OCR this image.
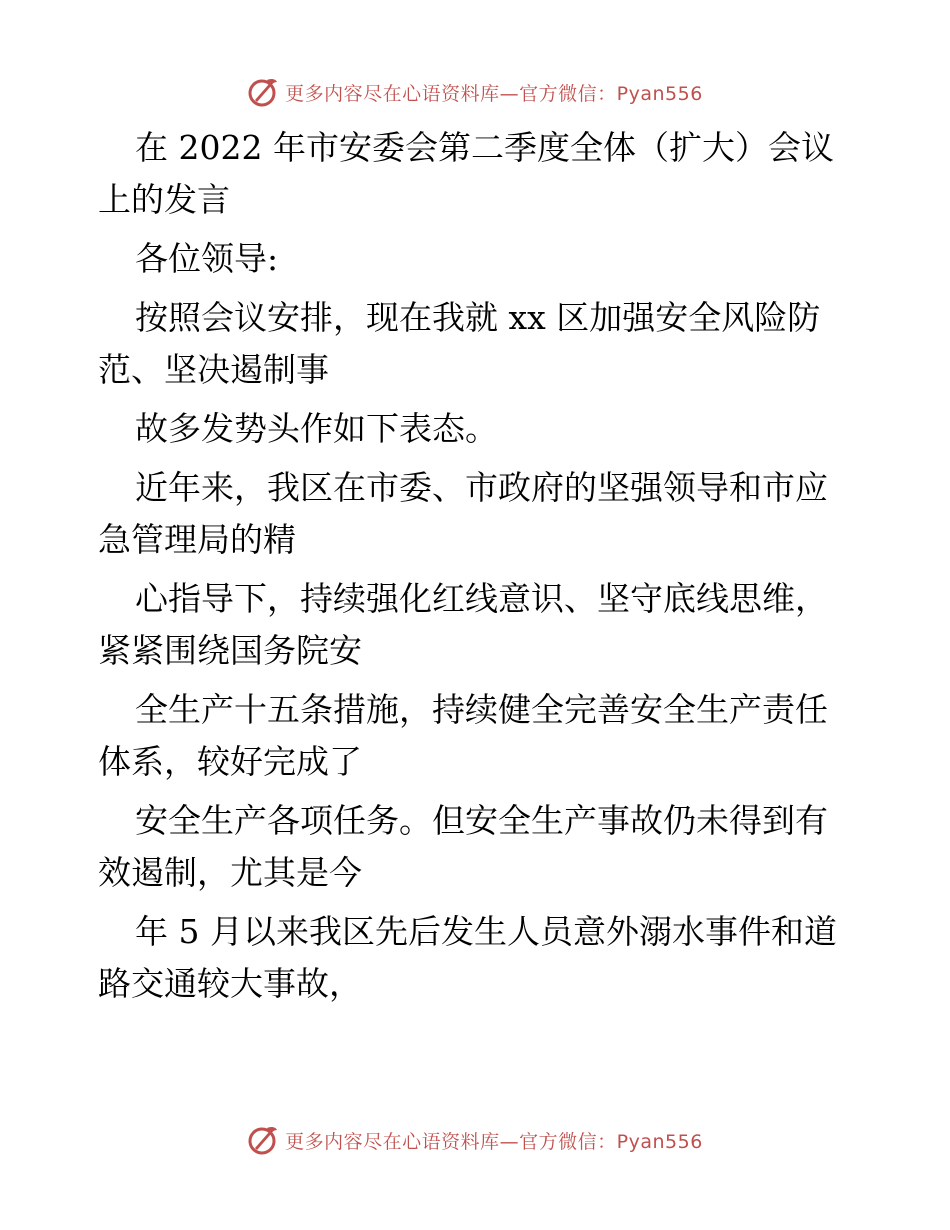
更多内容尽在心语资料库—官方微信：Pyan556
在 2022 年市安委会第二季度全体（扩大）会议
上的发言
各位领导:
按照会议安排，现在我就 xx 区加强安全风险防
范、坚决遏制事
故多发势头作如下表态。
近年来，我区在市委、市政府的坚强领导和市应
急管理局的精
心指导下，持续强化红线意识、坚守底线思维，
紧紧围绕国务院安
全生产十五条措施，持续健全完善安全生产责任
体系，较好完成了
安全生产各项任务。但安全生产事故仍未得到有
效遏制，尤其是今
年 5 月以来我区先后发生人员意外溺水事件和道
路交通较大事故，
更多内容尽在心语资料库—官方微信：Pyan556
